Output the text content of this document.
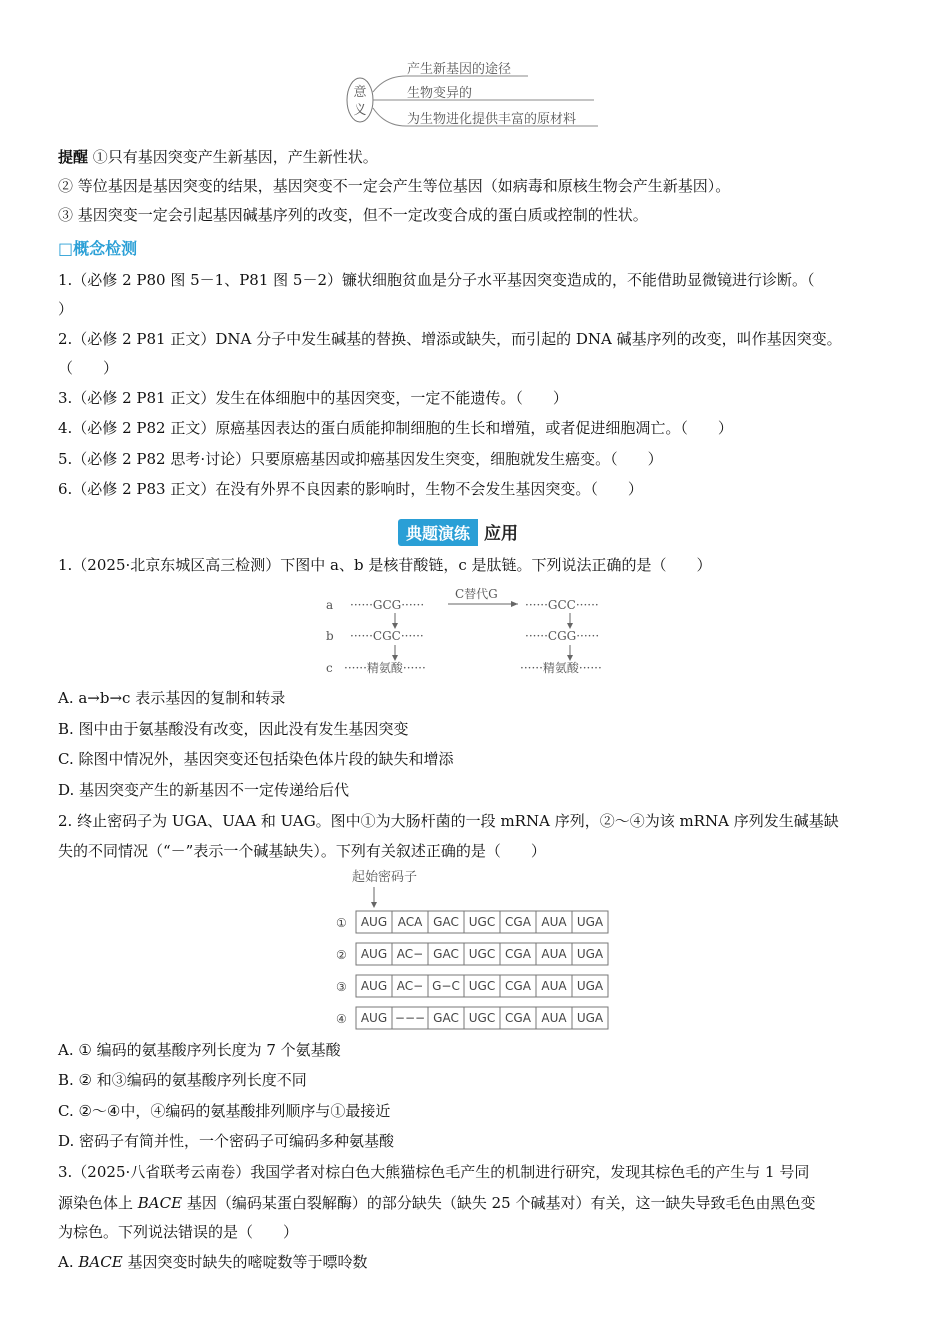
意
义
产生新基因的途径
生物变异的
为生物进化提供丰富的原材料
提醒 ①只有基因突变产生新基因，产生新性状。
② 等位基因是基因突变的结果，基因突变不一定会产生等位基因（如病毒和原核生物会产生新基因）。
③ 基因突变一定会引起基因碱基序列的改变，但不一定改变合成的蛋白质或控制的性状。
□概念检测
1.（必修 2 P80 图 5－1、P81 图 5－2）镰状细胞贫血是分子水平基因突变造成的，不能借助显微镜进行诊断。（
）
2.（必修 2 P81 正文）DNA 分子中发生碱基的替换、增添或缺失，而引起的 DNA 碱基序列的改变，叫作基因突变。
（　　）
3.（必修 2 P81 正文）发生在体细胞中的基因突变，一定不能遗传。（　　）
4.（必修 2 P82 正文）原癌基因表达的蛋白质能抑制细胞的生长和增殖，或者促进细胞凋亡。（　　）
5.（必修 2 P82 思考·讨论）只要原癌基因或抑癌基因发生突变，细胞就发生癌变。（　　）
6.（必修 2 P83 正文）在没有外界不良因素的影响时，生物不会发生基因突变。（　　）
典题演练 应用
1.（2025·北京东城区高三检测）下图中 a、b 是核苷酸链，c 是肽链。下列说法正确的是（　　）
a
b
c
······GCG······
······CGC······
······精氨酸······
C替代G
······GCC······
······CGG······
······精氨酸······
A. a→b→c 表示基因的复制和转录
B. 图中由于氨基酸没有改变，因此没有发生基因突变
C. 除图中情况外，基因突变还包括染色体片段的缺失和增添
D. 基因突变产生的新基因不一定传递给后代
2. 终止密码子为 UGA、UAA 和 UAG。图中①为大肠杆菌的一段 mRNA 序列，②～④为该 mRNA 序列发生碱基缺
失的不同情况（“－”表示一个碱基缺失）。下列有关叙述正确的是（　　）
起始密码子
① AUG ACA GAC UGC CGA AUA UGA
② AUG AC− GAC UGC CGA AUA UGA
③ AUG AC− G−C UGC CGA AUA UGA
④ AUG −−− GAC UGC CGA AUA UGA
A. ① 编码的氨基酸序列长度为 7 个氨基酸
B. ② 和③编码的氨基酸序列长度不同
C. ②～④中，④编码的氨基酸排列顺序与①最接近
D. 密码子有简并性，一个密码子可编码多种氨基酸
3.（2025·八省联考云南卷）我国学者对棕白色大熊猫棕色毛产生的机制进行研究，发现其棕色毛的产生与 1 号同
源染色体上 BACE 基因（编码某蛋白裂解酶）的部分缺失（缺失 25 个碱基对）有关，这一缺失导致毛色由黑色变
为棕色。下列说法错误的是（　　）
A. BACE 基因突变时缺失的嘧啶数等于嘌呤数
